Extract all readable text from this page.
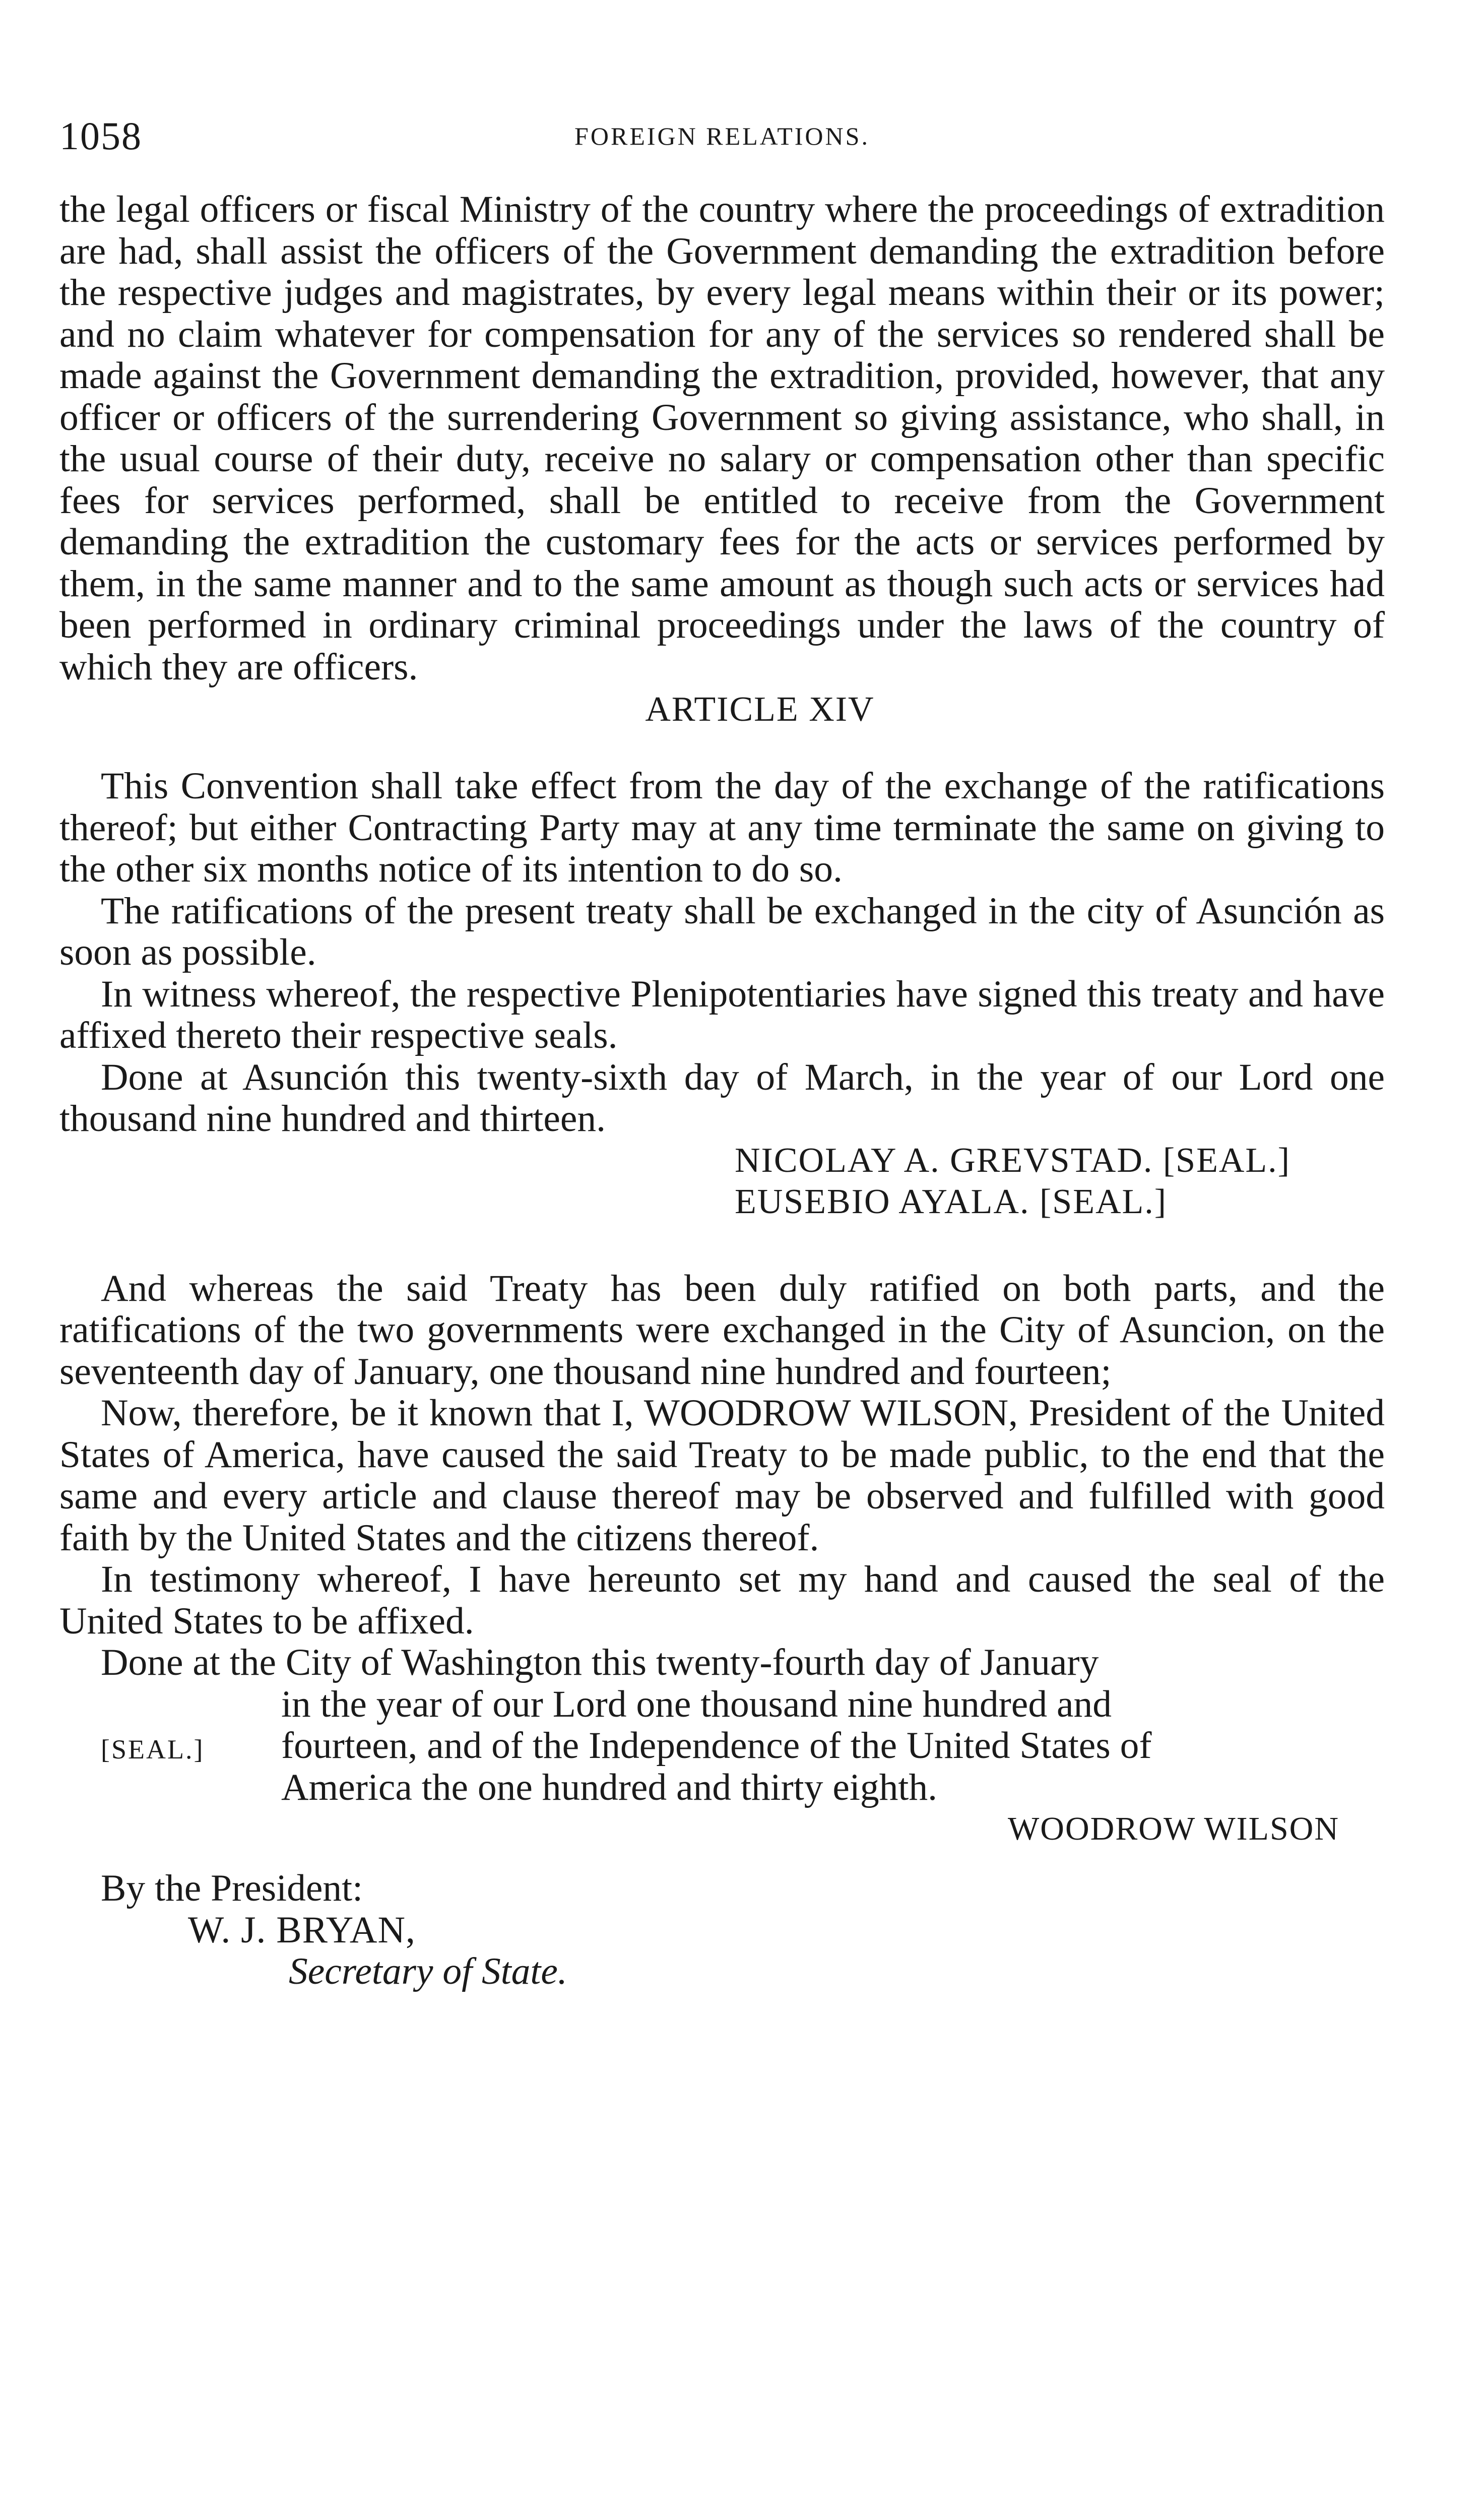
1058	FOREIGN RELATIONS.

the legal officers or fiscal Ministry of the country where the proceedings of extradition are had, shall assist the officers of the Government demanding the extradition before the respective judges and magistrates, by every legal means within their or its power; and no claim whatever for compensation for any of the services so rendered shall be made against the Government demanding the extradition, provided, however, that any officer or officers of the surrendering Government so giving assistance, who shall, in the usual course of their duty, receive no salary or compensation other than specific fees for services performed, shall be entitled to receive from the Government demanding the extradition the customary fees for the acts or services performed by them, in the same manner and to the same amount as though such acts or services had been performed in ordinary criminal proceedings under the laws of the country of which they are officers.

ARTICLE XIV

This Convention shall take effect from the day of the exchange of the ratifications thereof; but either Contracting Party may at any time terminate the same on giving to the other six months notice of its intention to do so.

The ratifications of the present treaty shall be exchanged in the city of Asunción as soon as possible.

In witness whereof, the respective Plenipotentiaries have signed this treaty and have affixed thereto their respective seals.

Done at Asunción this twenty-sixth day of March, in the year of our Lord one thousand nine hundred and thirteen.

NICOLAY A. GREVSTAD. [SEAL.]

EUSEBIO AYALA. [SEAL.]

And whereas the said Treaty has been duly ratified on both parts, and the ratifications of the two governments were exchanged in the City of Asuncion, on the seventeenth day of January, one thousand nine hundred and fourteen;

Now, therefore, be it known that I, WOODROW WILSON, President of the United States of America, have caused the said Treaty to be made public, to the end that the same and every article and clause thereof may be observed and fulfilled with good faith by the United States and the citizens thereof.

In testimony whereof, I have hereunto set my hand and caused the seal of the United States to be affixed.

Done at the City of Washington this twenty-fourth day of January

in the year of our Lord one thousand nine hundred and

fourteen, and of the Independence of the United States of

America the one hundred and thirty eighth.

[SEAL.]

WOODROW WILSON

By the President:

W. J. BRYAN,

Secretary of State.
